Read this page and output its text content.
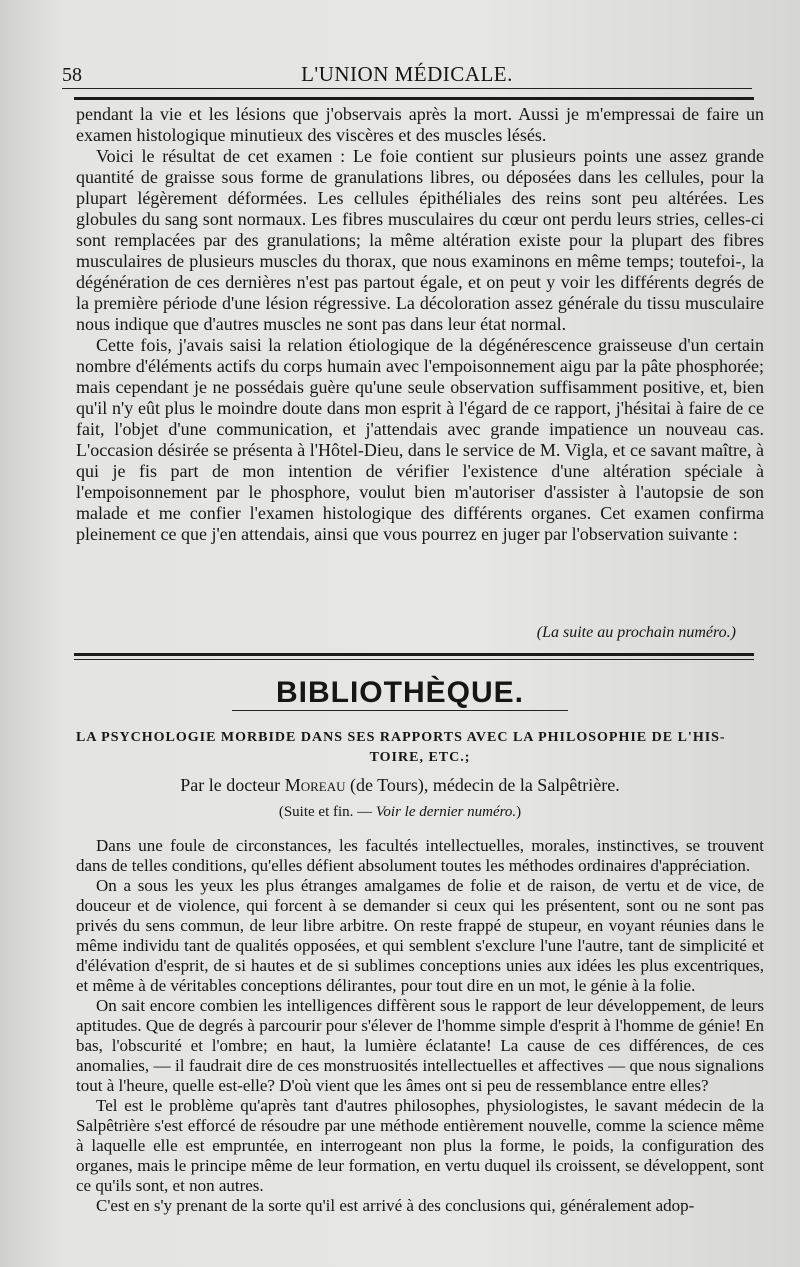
58	L'UNION MÉDICALE.

pendant la vie et les lésions que j'observais après la mort. Aussi je m'empressai de faire un examen histologique minutieux des viscères et des muscles lésés.

Voici le résultat de cet examen : Le foie contient sur plusieurs points une assez grande quantité de graisse sous forme de granulations libres, ou déposées dans les cellules, pour la plupart légèrement déformées. Les cellules épithéliales des reins sont peu altérées. Les globules du sang sont normaux. Les fibres musculaires du cœur ont perdu leurs stries, celles-ci sont remplacées par des granulations; la même altération existe pour la plupart des fibres musculaires de plusieurs muscles du thorax, que nous examinons en même temps; toutefoi-, la dégénération de ces dernières n'est pas partout égale, et on peut y voir les différents degrés de la première période d'une lésion régressive. La décoloration assez générale du tissu musculaire nous indique que d'autres muscles ne sont pas dans leur état normal.

Cette fois, j'avais saisi la relation étiologique de la dégénérescence graisseuse d'un certain nombre d'éléments actifs du corps humain avec l'empoisonnement aigu par la pâte phosphorée; mais cependant je ne possédais guère qu'une seule observation suffisamment positive, et, bien qu'il n'y eût plus le moindre doute dans mon esprit à l'égard de ce rapport, j'hésitai à faire de ce fait, l'objet d'une communication, et j'attendais avec grande impatience un nouveau cas. L'occasion désirée se présenta à l'Hôtel-Dieu, dans le service de M. Vigla, et ce savant maître, à qui je fis part de mon intention de vérifier l'existence d'une altération spéciale à l'empoisonnement par le phosphore, voulut bien m'autoriser d'assister à l'autopsie de son malade et me confier l'examen histologique des différents organes. Cet examen confirma pleinement ce que j'en attendais, ainsi que vous pourrez en juger par l'observation suivante :

(La suite au prochain numéro.)
BIBLIOTHÈQUE.
LA PSYCHOLOGIE MORBIDE DANS SES RAPPORTS AVEC LA PHILOSOPHIE DE L'HIS-
TOIRE, ETC.;
Par le docteur Moreau (de Tours), médecin de la Salpêtrière.
(Suite et fin. — Voir le dernier numéro.)

Dans une foule de circonstances, les facultés intellectuelles, morales, instinctives, se trouvent dans de telles conditions, qu'elles défient absolument toutes les méthodes ordinaires d'appréciation.

On a sous les yeux les plus étranges amalgames de folie et de raison, de vertu et de vice, de douceur et de violence, qui forcent à se demander si ceux qui les présentent, sont ou ne sont pas privés du sens commun, de leur libre arbitre. On reste frappé de stupeur, en voyant réunies dans le même individu tant de qualités opposées, et qui semblent s'exclure l'une l'autre, tant de simplicité et d'élévation d'esprit, de si hautes et de si sublimes conceptions unies aux idées les plus excentriques, et même à de véritables conceptions délirantes, pour tout dire en un mot, le génie à la folie.

On sait encore combien les intelligences diffèrent sous le rapport de leur développement, de leurs aptitudes. Que de degrés à parcourir pour s'élever de l'homme simple d'esprit à l'homme de génie! En bas, l'obscurité et l'ombre; en haut, la lumière éclatante! La cause de ces différences, de ces anomalies, — il faudrait dire de ces monstruosités intellectuelles et affectives — que nous signalions tout à l'heure, quelle est-elle? D'où vient que les âmes ont si peu de ressemblance entre elles?

Tel est le problème qu'après tant d'autres philosophes, physiologistes, le savant médecin de la Salpêtrière s'est efforcé de résoudre par une méthode entièrement nouvelle, comme la science même à laquelle elle est empruntée, en interrogeant non plus la forme, le poids, la configuration des organes, mais le principe même de leur formation, en vertu duquel ils croissent, se développent, sont ce qu'ils sont, et non autres.

C'est en s'y prenant de la sorte qu'il est arrivé à des conclusions qui, généralement adop-
